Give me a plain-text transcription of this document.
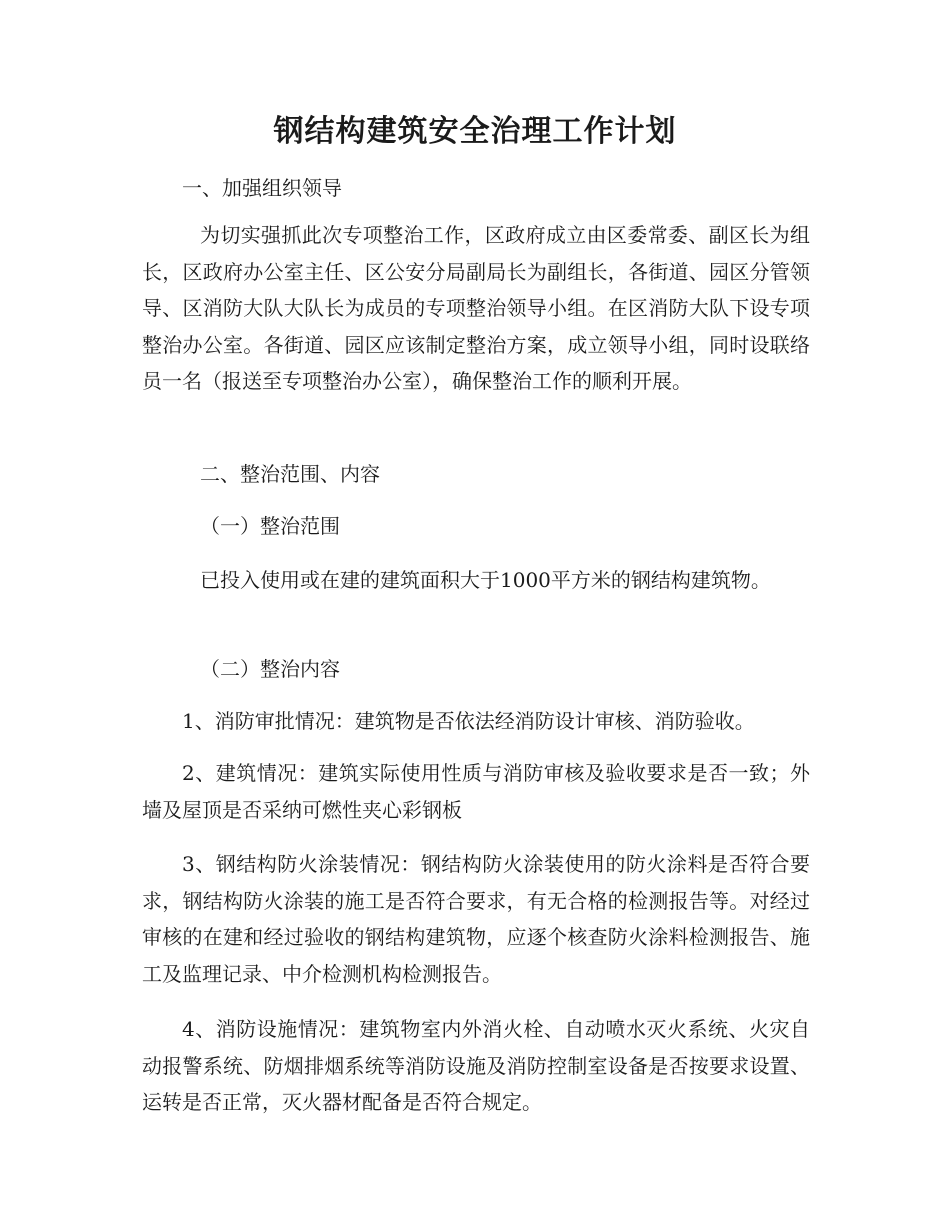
钢结构建筑安全治理工作计划
一、加强组织领导
为切实强抓此次专项整治工作，区政府成立由区委常委、副区长为组长，区政府办公室主任、区公安分局副局长为副组长，各街道、园区分管领导、区消防大队大队长为成员的专项整治领导小组。在区消防大队下设专项整治办公室。各街道、园区应该制定整治方案，成立领导小组，同时设联络员一名（报送至专项整治办公室），确保整治工作的顺利开展。
二、整治范围、内容
（一）整治范围
已投入使用或在建的建筑面积大于1000平方米的钢结构建筑物。
（二）整治内容
1、消防审批情况：建筑物是否依法经消防设计审核、消防验收。
2、建筑情况：建筑实际使用性质与消防审核及验收要求是否一致；外墙及屋顶是否采纳可燃性夹心彩钢板
3、钢结构防火涂装情况：钢结构防火涂装使用的防火涂料是否符合要求，钢结构防火涂装的施工是否符合要求，有无合格的检测报告等。对经过审核的在建和经过验收的钢结构建筑物，应逐个核查防火涂料检测报告、施工及监理记录、中介检测机构检测报告。
4、消防设施情况：建筑物室内外消火栓、自动喷水灭火系统、火灾自动报警系统、防烟排烟系统等消防设施及消防控制室设备是否按要求设置、运转是否正常，灭火器材配备是否符合规定。
